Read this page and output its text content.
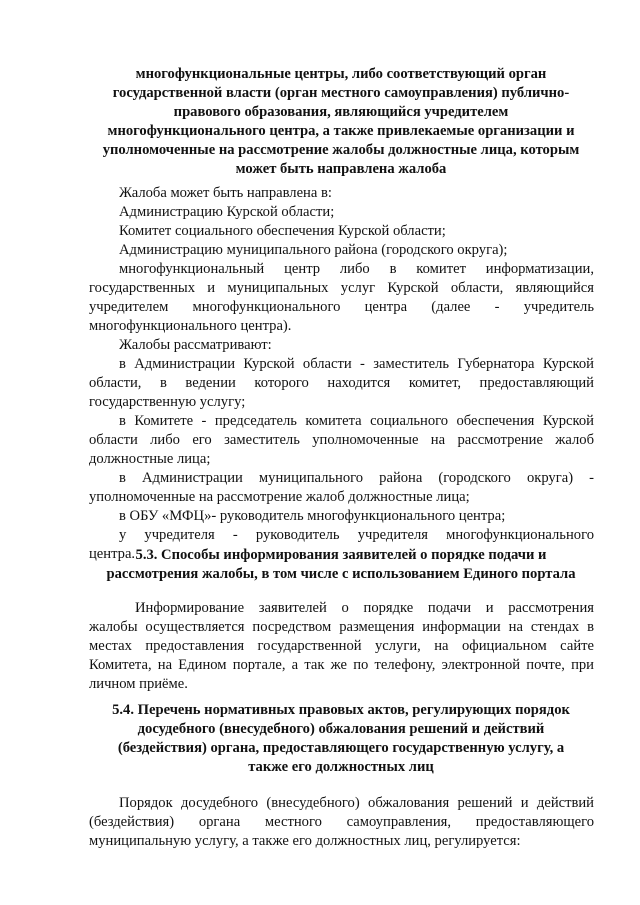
многофункциональные центры, либо соответствующий орган
государственной власти (орган местного самоуправления) публично-
правового образования, являющийся учредителем
многофункционального центра, а также привлекаемые организации и
уполномоченные на рассмотрение жалобы должностные лица, которым
может быть направлена жалоба
Жалоба может быть направлена в:
Администрацию Курской области;
Комитет социального обеспечения Курской области;
Администрацию муниципального района (городского округа);
многофункциональный центр либо в комитет информатизации,
государственных и муниципальных услуг Курской области, являющийся
учредителем многофункционального центра (далее - учредитель
многофункционального центра).
Жалобы рассматривают:
в Администрации Курской области - заместитель Губернатора Курской
области, в ведении которого находится комитет, предоставляющий
государственную услугу;
в Комитете - председатель комитета социального обеспечения Курской
области либо его заместитель уполномоченные на рассмотрение жалоб
должностные лица;
в Администрации муниципального района (городского округа) -
уполномоченные на рассмотрение жалоб должностные лица;
в ОБУ «МФЦ»- руководитель многофункционального центра;
у учредителя - руководитель учредителя многофункционального
центра. 5.3. Способы информирования заявителей о порядке подачи и
рассмотрения жалобы, в том числе с использованием Единого портала
Информирование заявителей о порядке подачи и рассмотрения
жалобы осуществляется посредством размещения информации на стендах в
местах предоставления государственной услуги, на официальном сайте
Комитета, на Едином портале, а так же по телефону, электронной почте, при
личном приёме.
5.4. Перечень нормативных правовых актов, регулирующих порядок
досудебного (внесудебного) обжалования решений и действий
(бездействия) органа, предоставляющего государственную услугу, а
также его должностных лиц
Порядок досудебного (внесудебного) обжалования решений и действий
(бездействия) органа местного самоуправления, предоставляющего
муниципальную услугу, а также его должностных лиц, регулируется:
